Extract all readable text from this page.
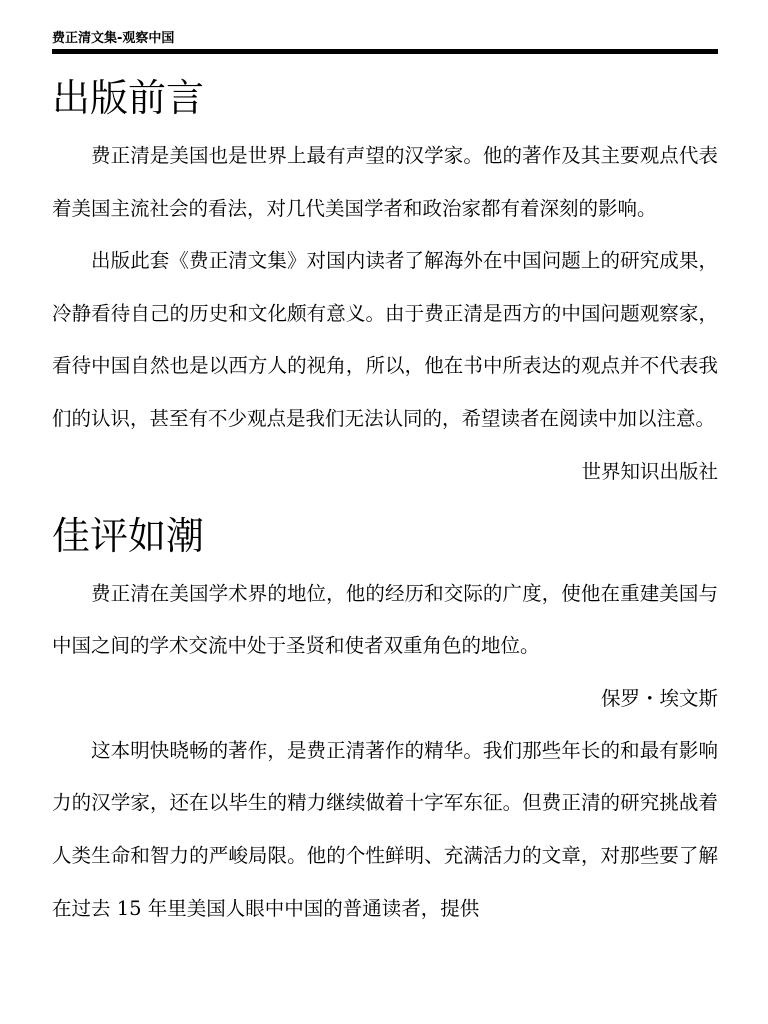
费正清文集-观察中国
出版前言

费正清是美国也是世界上最有声望的汉学家。他的著作及其主要观点代表着美国主流社会的看法，对几代美国学者和政治家都有着深刻的影响。

出版此套《费正清文集》对国内读者了解海外在中国问题上的研究成果，冷静看待自己的历史和文化颇有意义。由于费正清是西方的中国问题观察家，看待中国自然也是以西方人的视角，所以，他在书中所表达的观点并不代表我们的认识，甚至有不少观点是我们无法认同的，希望读者在阅读中加以注意。

世界知识出版社

佳评如潮

费正清在美国学术界的地位，他的经历和交际的广度，使他在重建美国与中国之间的学术交流中处于圣贤和使者双重角色的地位。

保罗・埃文斯

这本明快晓畅的著作，是费正清著作的精华。我们那些年长的和最有影响力的汉学家，还在以毕生的精力继续做着十字军东征。但费正清的研究挑战着人类生命和智力的严峻局限。他的个性鲜明、充满活力的文章，对那些要了解在过去 15 年里美国人眼中中国的普通读者，提供
